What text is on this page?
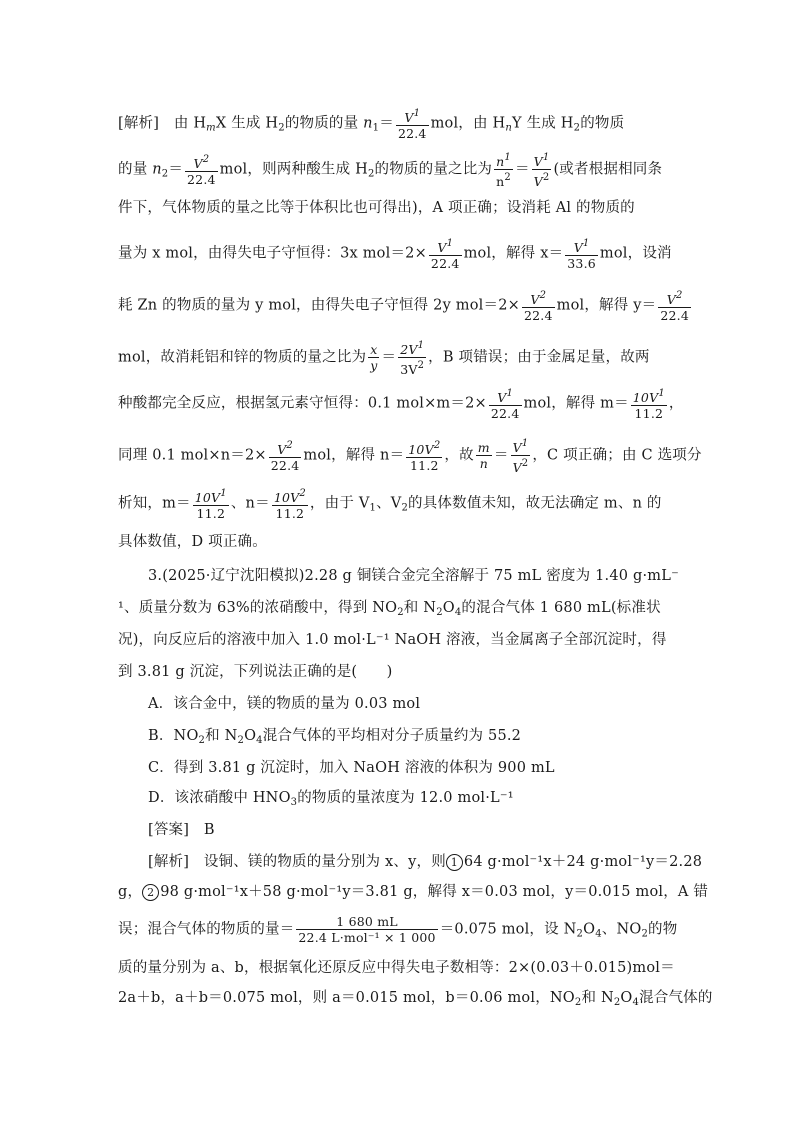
[解析]　由 $H_mX$ 生成 $H_2$的物质的量 $n_1= \frac{V^1}{22.4}$ mol，由 $H_nY$ 生成 $H_2$的物质
的量 $n_2= \frac{V^2}{22.4}$ mol，则两种酸生成 $H_2$的物质的量之比为 $\frac{n^1}{n^2} = \frac{V^1}{V^2}$ (或者根据相同条
件下，气体物质的量之比等于体积比也可得出)，A 项正确；设消耗 Al 的物质的
量为 x mol，由得失电子守恒得：3x $mol=2\times \frac{V^1}{22.4}$ mol，解得 $x= \frac{V^1}{33.6}$ mol，设消
耗 Zn 的物质的量为 y mol，由得失电子守恒得 2y $mol=2\times \frac{V^2}{22.4}$ mol，解得 $y= \frac{V^2}{22.4}$
mol，故消耗铝和锌的物质的量之比为 $\frac{x}{y} = \frac{2V^1}{3V^2}$ ，B 项错误；由于金属足量，故两
种酸都完全反应，根据氢元素守恒得：0.1 $mol\times m=2\times \frac{V^1}{22.4}$ mol，解得 $m= \frac{10V^1}{11.2}$ ，
同理 0.1 $mol\times n=2\times \frac{V^2}{22.4}$ mol，解得 $n= \frac{10V^2}{11.2}$ ，故 $\frac{m}{n} = \frac{V^1}{V^2}$ ，C 项正确；由 C 选项分
析知，$m= \frac{10V^1}{11.2}$ 、$n= \frac{10V^2}{11.2}$ ，由于 $V_1$、$V_2$的具体数值未知，故无法确定 m、n 的
具体数值，D 项正确。
3.(2025·辽宁沈阳模拟)2.28 g 铜镁合金完全溶解于 75 mL 密度为 1.40 g·mL⁻
¹、质量分数为 63%的浓硝酸中，得到 $NO_2$和 $N_2O_4$的混合气体 1 680 mL(标准状
况)，向反应后的溶液中加入 1.0 mol·L⁻¹ NaOH 溶液，当金属离子全部沉淀时，得
到 3.81 g 沉淀，下列说法正确的是(　　)
A．该合金中，镁的物质的量为 0.03 mol
B．$NO_2$和 $N_2O_4$混合气体的平均相对分子质量约为 55.2
C．得到 3.81 g 沉淀时，加入 NaOH 溶液的体积为 900 mL
D．该浓硝酸中 $HNO_3$的物质的量浓度为 12.0 mol·L⁻¹
[答案]　 B
[解析]　设铜、镁的物质的量分别为 x、y，则 1 64 g·mol⁻¹x＋24 g·mol⁻¹y＝2.28
g， 2 98 g·mol⁻¹x＋58 g·mol⁻¹y＝3.81 g，解得 x＝0.03 mol，y＝0.015 mol，A 错
误；混合气体的物质的量＝ $\frac{1 680 mL}{\text{22.4 L·mol⁻¹ × 1 000}} =0.075$ mol，设 $N_2O_4$、$NO_2$的物
质的量分别为 a、b，根据氧化还原反应中得失电子数相等：2×(0.03＋0.015)mol＝
2a＋b，a＋b＝0.075 mol，则 a＝0.015 mol，b＝0.06 mol，$NO_2$和 $N_2O_4$混合气体的
